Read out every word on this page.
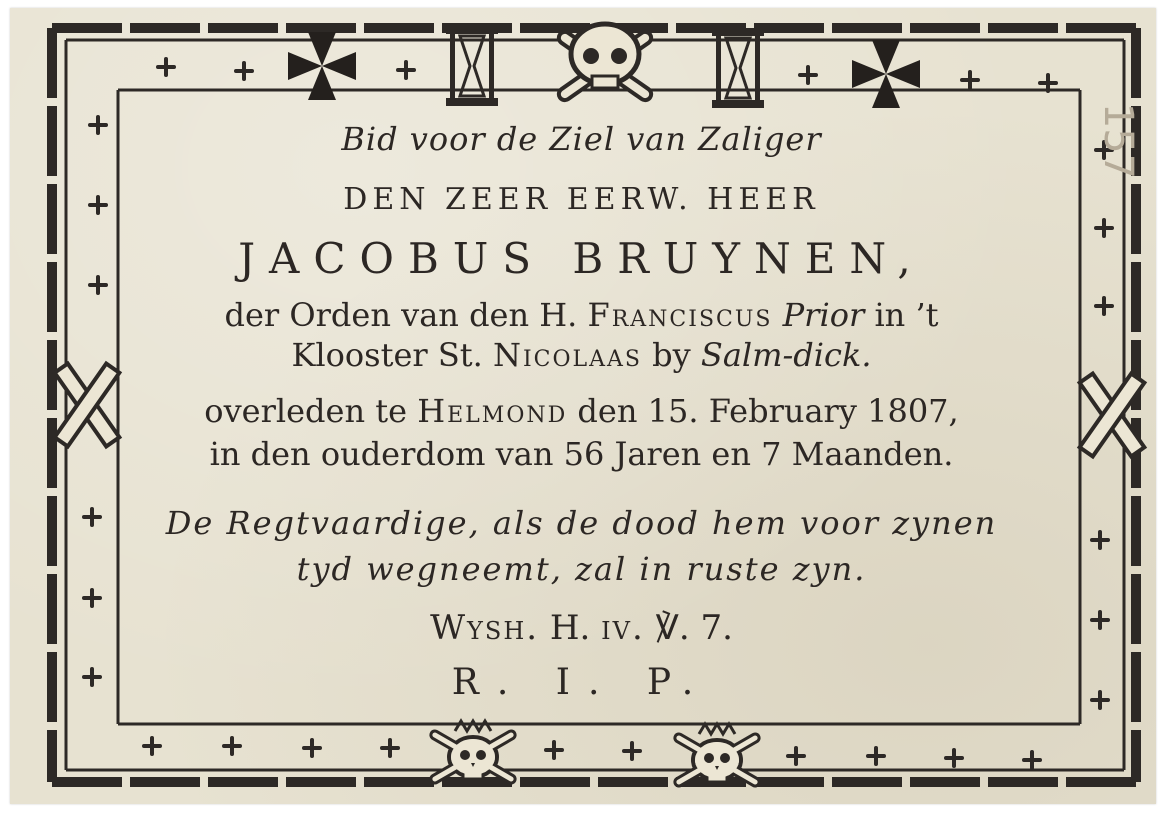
157
Bid voor de Ziel van Zaliger
DEN ZEER EERW. HEER
JACOBUS BRUYNEN,
der Orden van den H. Franciscus Prior in ’t
Klooster St. Nicolaas by Salm-dick.
overleden te Helmond den 15. February 1807,
in den ouderdom van 56 Jaren en 7 Maanden.
De Regtvaardige, als de dood hem voor zynen
tyd wegneemt, zal in ruste zyn.
Wysh. H. iv. ℣. 7.
R. I. P.
